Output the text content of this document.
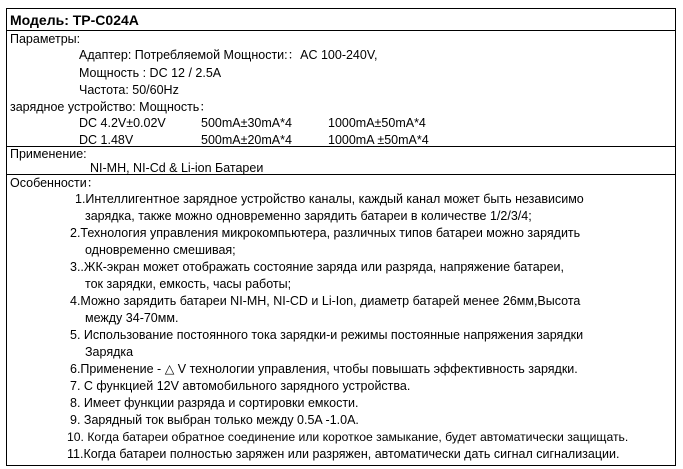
Модель: TP-C024A
Параметры:
Адаптер: Потребляемой Мощности:：AC 100-240V,
Мощность : DC 12 / 2.5A
Частота: 50/60Hz
зарядное устройство: Мощность：
DC 4.2V±0.02V	500mA±30mA*4	1000mA±50mA*4
DC 1.48V	500mA±20mA*4	1000mA ±50mA*4
Применение:
NI-MH, NI-Cd & Li-ion Батареи
Особенности：
1.Интеллигентное зарядное устройство каналы, каждый канал может быть независимо
зарядка, также можно одновременно зарядить батареи в количестве 1/2/3/4;
2.Технология управления микрокомпьютера, различных типов батареи можно зарядить
одновременно смешивая;
3..ЖК-экран может отображать состояние заряда или разряда, напряжение батареи,
ток зарядки, емкость, часы работы;
4.Можно зарядить батареи NI-MH, NI-CD и Li-Ion, диаметр батарей менее 26мм,Высота
между 34-70мм.
5. Использование постоянного тока зарядки-и режимы постоянные напряжения зарядки
Зарядка
6.Применение - △ V технологии управления, чтобы повышать эффективность зарядки.
7. С функцией 12V автомобильного зарядного устройства.
8. Имеет функции разряда и сортировки емкости.
9. Зарядный ток выбран только между 0.5A -1.0A.
10. Когда батареи обратное соединение или короткое замыкание, будет автоматически защищать.
11.Когда батареи полностью заряжен или разряжен, автоматически дать сигнал сигнализации.
